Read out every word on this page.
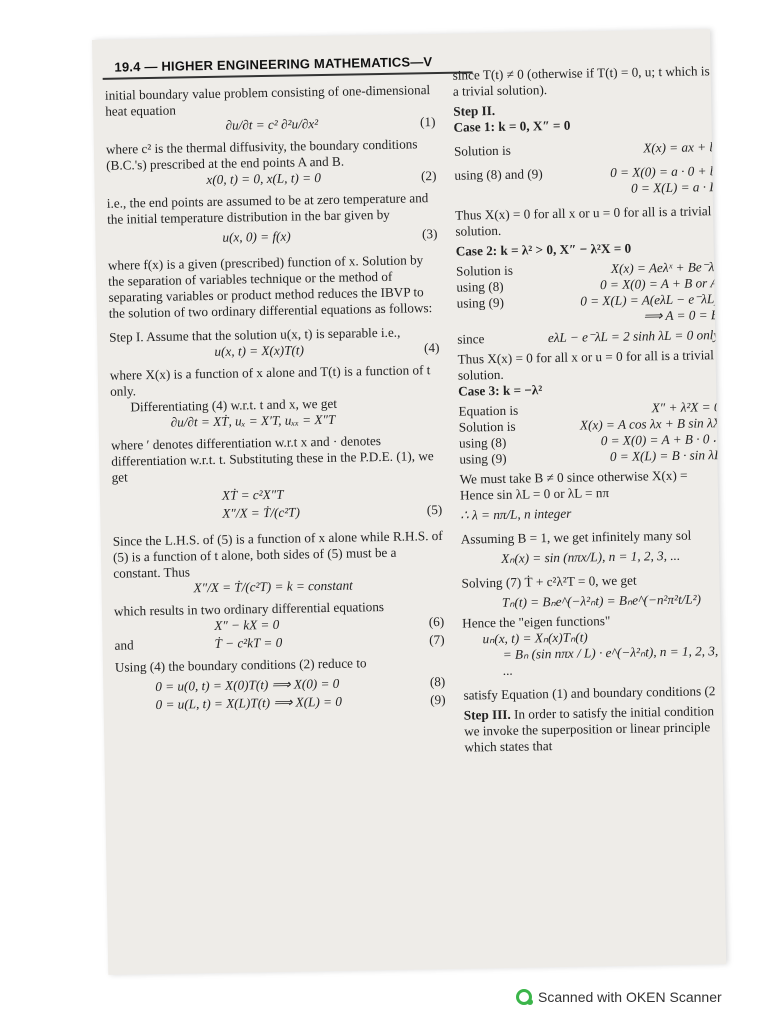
19.4 — HIGHER ENGINEERING MATHEMATICS—V

initial boundary value problem consisting of one-dimensional heat equation

∂u/∂t = c² ∂²u/∂x²	(1)

where c² is the thermal diffusivity, the boundary conditions (B.C.'s) prescribed at the end points A and B.

x(0, t) = 0, x(L, t) = 0	(2)

i.e., the end points are assumed to be at zero temperature and the initial temperature distribution in the bar given by

u(x, 0) = f(x)	(3)

where f(x) is a given (prescribed) function of x. Solution by the separation of variables technique or the method of separating variables or product method reduces the IBVP to the solution of two ordinary differential equations as follows:

Step I. Assume that the solution u(x, t) is separable i.e.,

u(x, t) = X(x)T(t)	(4)

where X(x) is a function of x alone and T(t) is a function of t only.

Differentiating (4) w.r.t. t and x, we get

∂u/∂t = XṪ, uₓ = X′T, uₓₓ = X″T

where ′ denotes differentiation w.r.t x and · denotes differentiation w.r.t. t. Substituting these in the P.D.E. (1), we get

XṪ = c²X″T
X″/X = Ṫ/(c²T)	(5)

Since the L.H.S. of (5) is a function of x alone while R.H.S. of (5) is a function of t alone, both sides of (5) must be a constant. Thus

X″/X = Ṫ/(c²T) = k = constant

which results in two ordinary differential equations

X″ − kX = 0	(6)
and	Ṫ − c²kT = 0	(7)

Using (4) the boundary conditions (2) reduce to

0 = u(0, t) = X(0)T(t) ⟹ X(0) = 0	(8)
0 = u(L, t) = X(L)T(t) ⟹ X(L) = 0	(9)

since T(t) ≠ 0 (otherwise if T(t) = 0, u; t which is a trivial solution).

Step II.

Case 1: k = 0, X″ = 0

Solution is	X(x) = ax + b
using (8) and (9)	0 = X(0) = a · 0 + b
0 = X(L) = a · L

Thus X(x) = 0 for all x or u = 0 for all is a trivial solution.

Case 2: k = λ² > 0, X″ − λ²X = 0

Solution is	X(x) = Aeλˣ + Be⁻λˣ
using (8)	0 = X(0) = A + B or A
using (9)	0 = X(L) = A(eλL − e⁻λL)
⟹ A = 0 = B
since	eλL − e⁻λL = 2 sinh λL = 0 only

Thus X(x) = 0 for all x or u = 0 for all is a trivial solution.

Case 3: k = −λ²

Equation is	X″ + λ²X = 0
Solution is	X(x) = A cos λx + B sin λX
using (8)	0 = X(0) = A + B · 0 ∴
using (9)	0 = X(L) = B · sin λL

We must take B ≠ 0 since otherwise X(x) = Hence sin λL = 0 or λL = nπ

∴ λ = nπ/L, n integer

Assuming B = 1, we get infinitely many sol

Xₙ(x) = sin (nπx/L), n = 1, 2, 3, ...

Solving (7) Ṫ + c²λ²T = 0, we get

Tₙ(t) = Bₙe^(−λ²ₙt) = Bₙe^(−n²π²t/L²)

Hence the "eigen functions"

uₙ(x, t) = Xₙ(x)Tₙ(t)

= Bₙ (sin nπx / L) · e^(−λ²ₙt), n = 1, 2, 3, ...

satisfy Equation (1) and boundary conditions (2

Step III. In order to satisfy the initial condition we invoke the superposition or linear principle which states that

Scanned with OKEN Scanner
